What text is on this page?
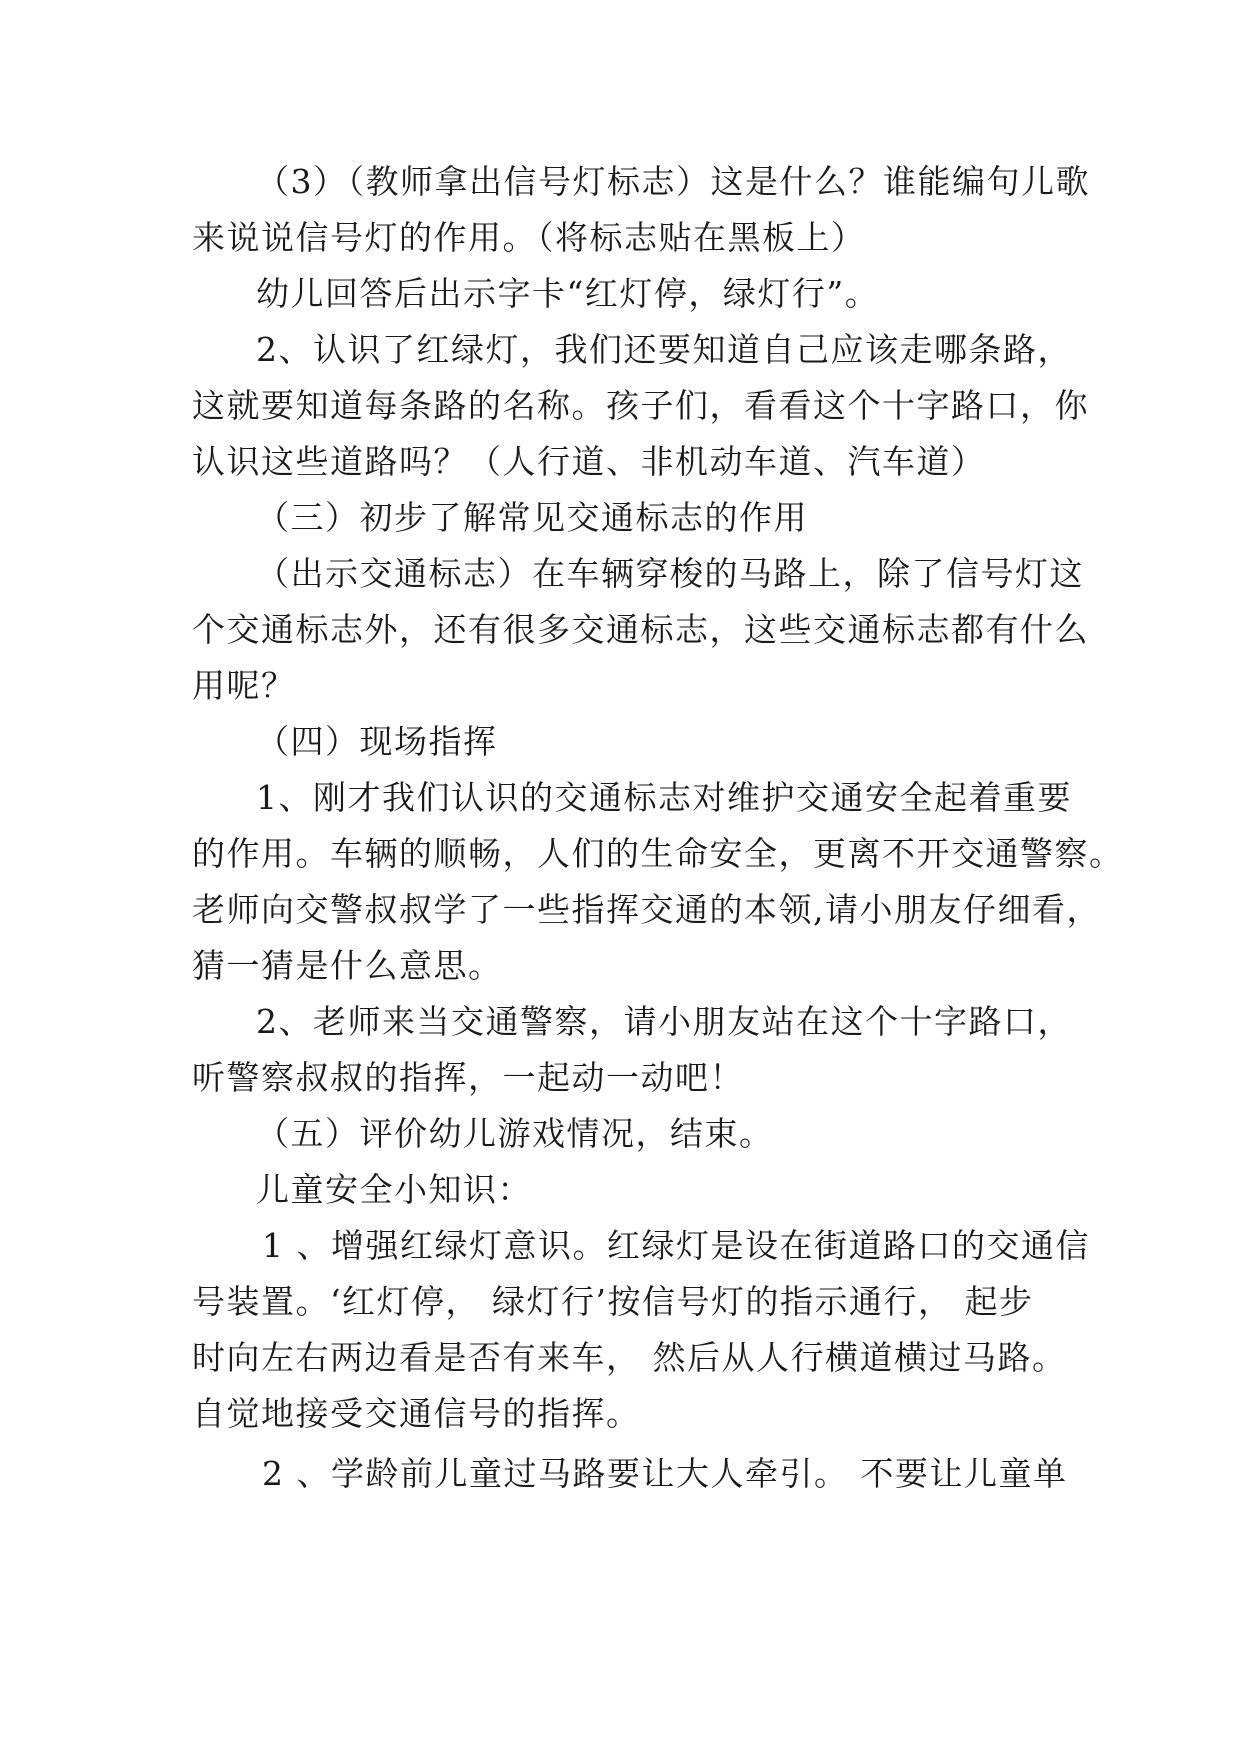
（3）（教师拿出信号灯标志）这是什么？谁能编句儿歌
来说说信号灯的作用。（将标志贴在黑板上）
幼儿回答后出示字卡“红灯停，绿灯行”。
2、认识了红绿灯，我们还要知道自己应该走哪条路，
这就要知道每条路的名称。孩子们，看看这个十字路口，你
认识这些道路吗？（人行道、非机动车道、汽车道）
（三）初步了解常见交通标志的作用
（出示交通标志）在车辆穿梭的马路上，除了信号灯这
个交通标志外，还有很多交通标志，这些交通标志都有什么
用呢？
（四）现场指挥
1、刚才我们认识的交通标志对维护交通安全起着重要
的作用。车辆的顺畅，人们的生命安全，更离不开交通警察。
老师向交警叔叔学了一些指挥交通的本领,请小朋友仔细看，
猜一猜是什么意思。
2、老师来当交通警察，请小朋友站在这个十字路口，
听警察叔叔的指挥，一起动一动吧！
（五）评价幼儿游戏情况，结束。
儿童安全小知识：
1 、增强红绿灯意识。红绿灯是设在街道路口的交通信
号装置。‘红灯停， 绿灯行’按信号灯的指示通行， 起步
时向左右两边看是否有来车， 然后从人行横道横过马路。
自觉地接受交通信号的指挥。
2 、学龄前儿童过马路要让大人牵引。 不要让儿童单
